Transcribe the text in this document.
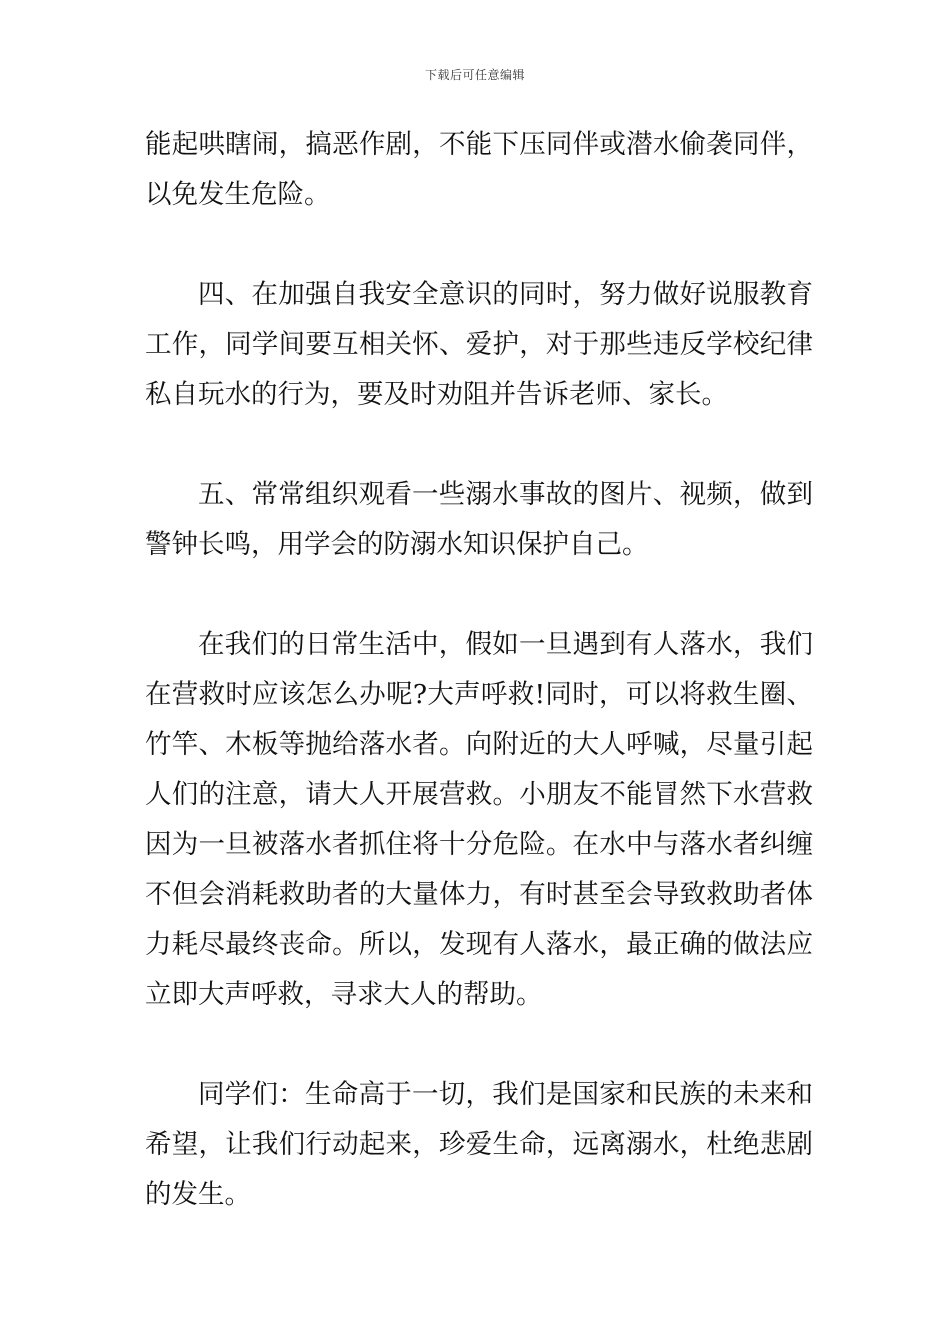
下载后可任意编辑

能起哄瞎闹，搞恶作剧，不能下压同伴或潜水偷袭同伴，以免发生危险。

四、在加强自我安全意识的同时，努力做好说服教育工作，同学间要互相关怀、爱护，对于那些违反学校纪律私自玩水的行为，要及时劝阻并告诉老师、家长。

五、常常组织观看一些溺水事故的图片、视频，做到警钟长鸣，用学会的防溺水知识保护自己。

在我们的日常生活中，假如一旦遇到有人落水，我们在营救时应该怎么办呢?大声呼救!同时，可以将救生圈、竹竿、木板等抛给落水者。向附近的大人呼喊，尽量引起人们的注意，请大人开展营救。小朋友不能冒然下水营救因为一旦被落水者抓住将十分危险。在水中与落水者纠缠不但会消耗救助者的大量体力，有时甚至会导致救助者体力耗尽最终丧命。所以，发现有人落水，最正确的做法应立即大声呼救，寻求大人的帮助。

同学们：生命高于一切，我们是国家和民族的未来和希望，让我们行动起来，珍爱生命，远离溺水，杜绝悲剧的发生。
